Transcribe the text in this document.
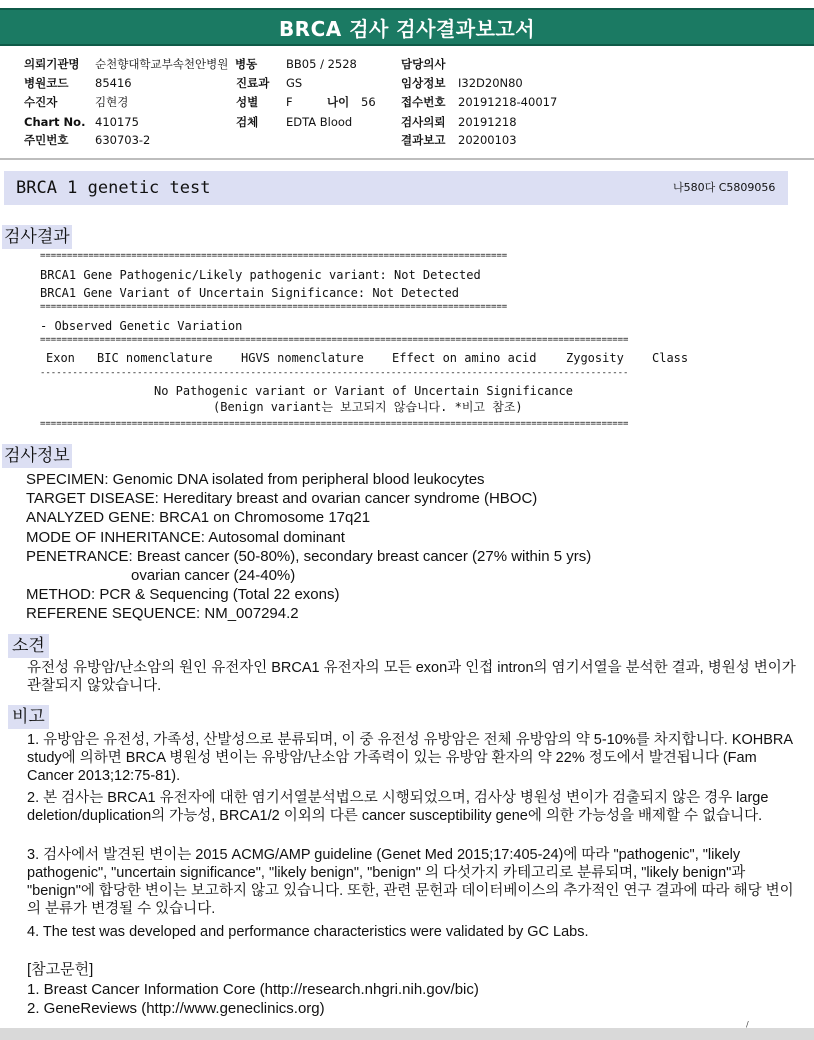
BRCA 검사 검사결과보고서
의뢰기관명 순천향대학교부속천안병원 병동	BB05 / 2528	담당의사
병원코드 85416	진료과 GS	임상정보 I32D20N80
수진자	김현경	성별 F	나이 56 접수번호 20191218-40017
Chart No. 410175	검체 EDTA Blood	검사의뢰 20191218
주민번호 630703-2	결과보고 20200103
BRCA 1 genetic test	나580다 C5809056
검사결과
=======================================================================================
BRCA1 Gene Pathogenic/Likely pathogenic variant: Not Detected
BRCA1 Gene Variant of Uncertain Significance: Not Detected
=======================================================================================
- Observed Genetic Variation
=============================================================================================================
Exon BIC nomenclature HGVS nomenclature Effect on amino acid Zygosity Class
-------------------------------------------------------------------------------------------------------------
No Pathogenic variant or Variant of Uncertain Significance
(Benign variant는 보고되지 않습니다. *비고 참조)
=============================================================================================================
검사정보
SPECIMEN: Genomic DNA isolated from peripheral blood leukocytes
TARGET DISEASE: Hereditary breast and ovarian cancer syndrome (HBOC)
ANALYZED GENE: BRCA1 on Chromosome 17q21
MODE OF INHERITANCE: Autosomal dominant
PENETRANCE: Breast cancer (50-80%), secondary breast cancer (27% within 5 yrs)
ovarian cancer (24-40%)
METHOD: PCR & Sequencing (Total 22 exons)
REFERENE SEQUENCE: NM_007294.2
소견
유전성 유방암/난소암의 원인 유전자인 BRCA1 유전자의 모든 exon과 인접 intron의 염기서열을 분석한 결과, 병원성 변이가 관찰되지 않았습니다.
비고
1. 유방암은 유전성, 가족성, 산발성으로 분류되며, 이 중 유전성 유방암은 전체 유방암의 약 5-10%를 차지합니다. KOHBRA study에 의하면 BRCA 병원성 변이는 유방암/난소암 가족력이 있는 유방암 환자의 약 22% 정도에서 발견됩니다 (Fam Cancer 2013;12:75-81).
2. 본 검사는 BRCA1 유전자에 대한 염기서열분석법으로 시행되었으며, 검사상 병원성 변이가 검출되지 않은 경우 large deletion/duplication의 가능성, BRCA1/2 이외의 다른 cancer susceptibility gene에 의한 가능성을 배제할 수 없습니다.
3. 검사에서 발견된 변이는 2015 ACMG/AMP guideline (Genet Med 2015;17:405-24)에 따라 "pathogenic", "likely pathogenic", "uncertain significance", "likely benign", "benign" 의 다섯가지 카테고리로 분류되며, "likely benign"과 "benign"에 합당한 변이는 보고하지 않고 있습니다. 또한, 관련 문헌과 데이터베이스의 추가적인 연구 결과에 따라 해당 변이의 분류가 변경될 수 있습니다.
4. The test was developed and performance characteristics were validated by GC Labs.
[참고문헌]
1. Breast Cancer Information Core (http://research.nhgri.nih.gov/bic)
2. GeneReviews (http://www.geneclinics.org)
/
